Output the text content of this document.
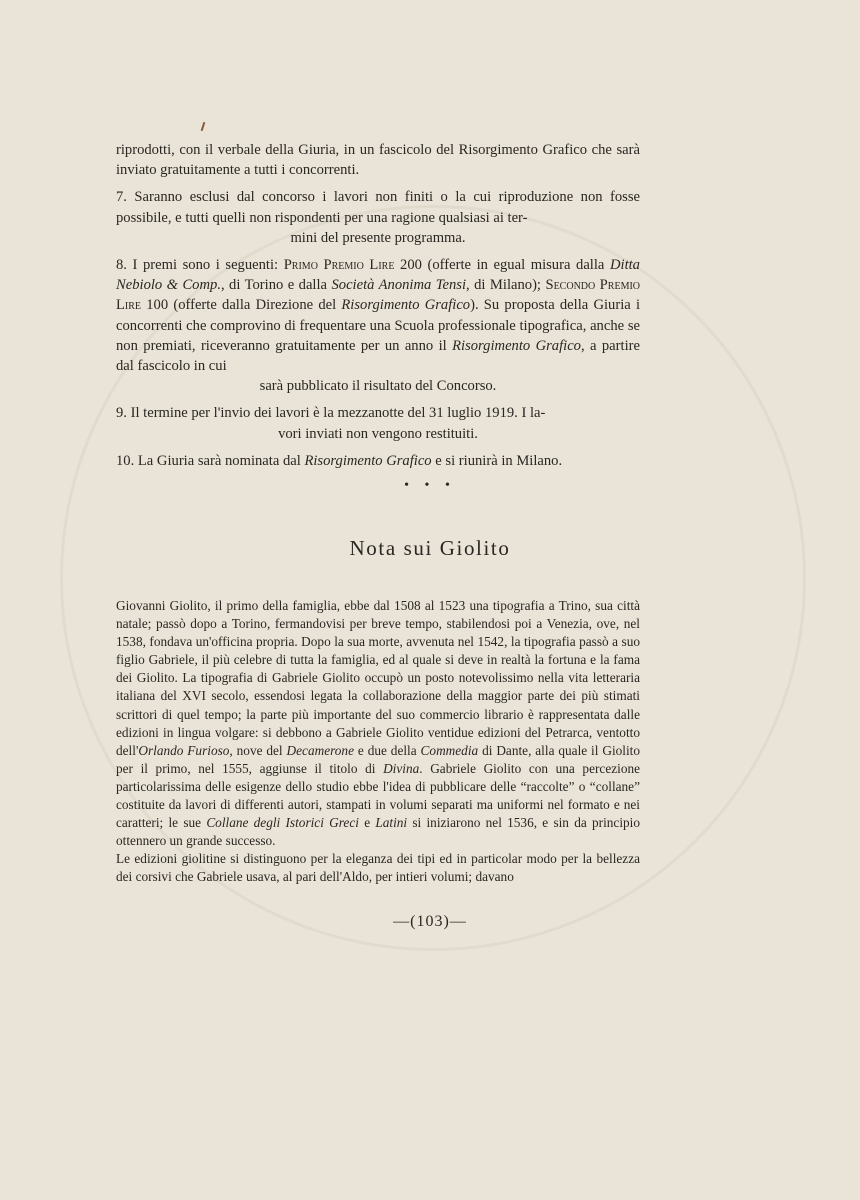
riprodotti, con il verbale della Giuria, in un fascicolo del Risorgimento Grafico che sarà inviato gratuitamente a tutti i concorrenti.

7. Saranno esclusi dal concorso i lavori non finiti o la cui riproduzione non fosse possibile, e tutti quelli non rispondenti per una ragione qualsiasi ai ter-
mini del presente programma.

8. I premi sono i seguenti: Primo Premio Lire 200 (offerte in egual misura dalla Ditta Nebiolo & Comp., di Torino e dalla Società Anonima Tensi, di Milano); Secondo Premio Lire 100 (offerte dalla Direzione del Risorgimento Grafico). Su proposta della Giuria i concorrenti che comprovino di frequentare una Scuola professionale tipografica, anche se non premiati, riceveranno gratuitamente per un anno il Risorgimento Grafico, a partire dal fascicolo in cui
sarà pubblicato il risultato del Concorso.

9. Il termine per l'invio dei lavori è la mezzanotte del 31 luglio 1919. I la-
vori inviati non vengono restituiti.

10. La Giuria sarà nominata dal Risorgimento Grafico e si riunirà in Milano.

• • •
Nota sui Giolito

Giovanni Giolito, il primo della famiglia, ebbe dal 1508 al 1523 una tipografia a Trino, sua città natale; passò dopo a Torino, fermandovisi per breve tempo, stabilendosi poi a Venezia, ove, nel 1538, fondava un'officina propria. Dopo la sua morte, avvenuta nel 1542, la tipografia passò a suo figlio Gabriele, il più celebre di tutta la famiglia, ed al quale si deve in realtà la fortuna e la fama dei Giolito. La tipografia di Gabriele Giolito occupò un posto notevolissimo nella vita letteraria italiana del XVI secolo, essendosi legata la collaborazione della maggior parte dei più stimati scrittori di quel tempo; la parte più importante del suo commercio librario è rappresentata dalle edizioni in lingua volgare: si debbono a Gabriele Giolito ventidue edizioni del Petrarca, ventotto dell'Orlando Furioso, nove del Decamerone e due della Commedia di Dante, alla quale il Giolito per il primo, nel 1555, aggiunse il titolo di Divina. Gabriele Giolito con una percezione particolarissima delle esigenze dello studio ebbe l'idea di pubblicare delle “raccolte” o “collane” costituite da lavori di differenti autori, stampati in volumi separati ma uniformi nel formato e nei caratteri; le sue Collane degli Istorici Greci e Latini si iniziarono nel 1536, e sin da principio ottennero un grande successo.

Le edizioni giolitine si distinguono per la eleganza dei tipi ed in particolar modo per la bellezza dei corsivi che Gabriele usava, al pari dell'Aldo, per intieri volumi; davano

—(103)—
